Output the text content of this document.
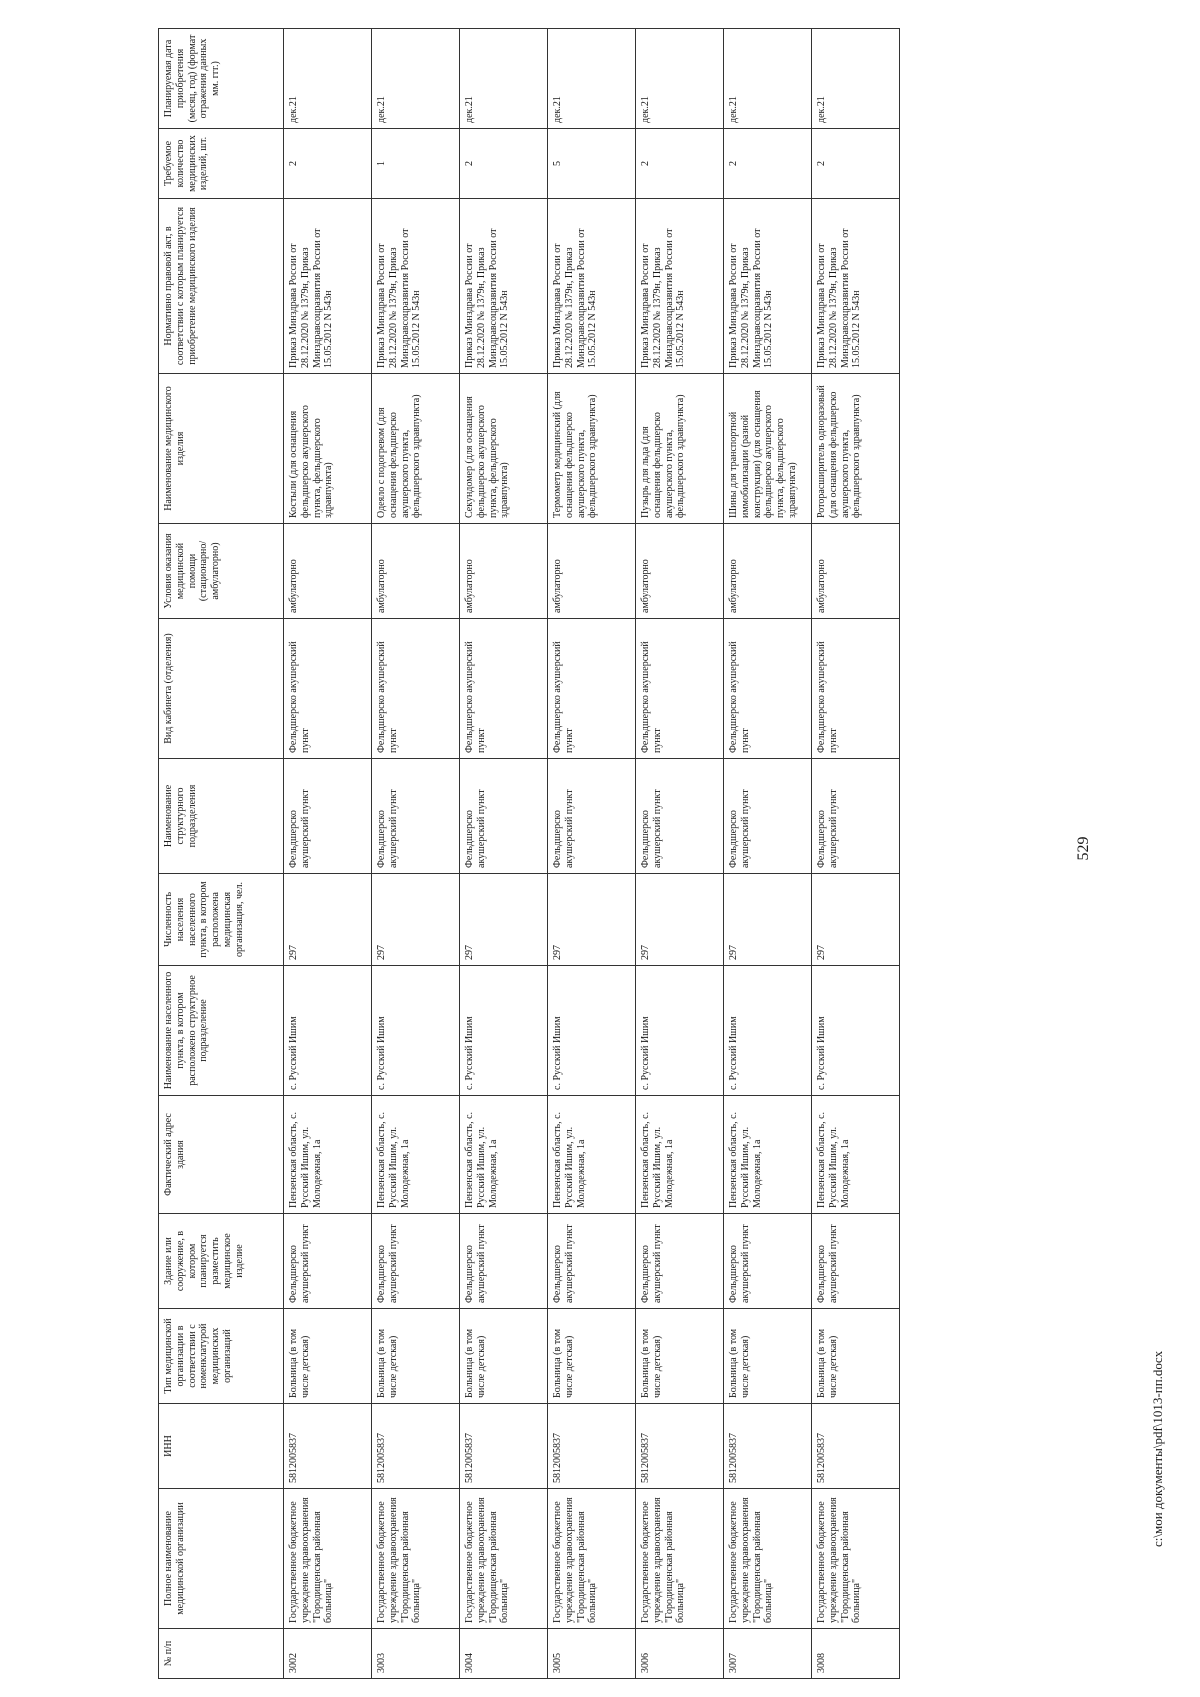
529
№ п/п	Полное наименование медицинской организации	ИНН	Тип медицинской организации в соответствии с номенклатурой медицинских организаций	Здание или сооружение, в котором планируется разместить медицинское изделие	Фактический адрес здания	Наименование населенного пункта, в котором расположено структурное подразделение	Численность населения населенного пункта, в котором расположена медицинская организация, чел.	Наименование структурного подразделения	Вид кабинета (отделения)	Условия оказания медицинской помощи (стационарно/ амбулаторно)	Наименование медицинского изделия	Нормативно правовой акт, в соответствии с которым планируется приобретение медицинского изделия	Требуемое количество медицинских изделий, шт.	Планируемая дата приобретения (месяц, год) (формат отражения данных мм. ггг.)
3002	Государственное бюджетное учреждение здравоохранения "Городищенская районная больница"	5812005837	Больница (в том числе детская)	Фельдшерско акушерский пункт	Пензенская область, с. Русский Ишим, ул. Молодежная, 1а	с. Русский Ишим	297	Фельдшерско акушерский пункт	Фельдшерско акушерский пункт	амбулаторно	Костыли (для оснащения фельдшерско акушерского пункта, фельдшерского здравпункта)	Приказ Минздрава России от 28.12.2020 № 1379н, Приказ Минздравсоцразвития России от 15.05.2012 N 543н	2	дек.21
3003	Государственное бюджетное учреждение здравоохранения "Городищенская районная больница"	5812005837	Больница (в том числе детская)	Фельдшерско акушерский пункт	Пензенская область, с. Русский Ишим, ул. Молодежная, 1а	с. Русский Ишим	297	Фельдшерско акушерский пункт	Фельдшерско акушерский пункт	амбулаторно	Одеяло с подогревом (для оснащения фельдшерско акушерского пункта, фельдшерского здравпункта)	Приказ Минздрава России от 28.12.2020 № 1379н, Приказ Минздравсоцразвития России от 15.05.2012 N 543н	1	дек.21
3004	Государственное бюджетное учреждение здравоохранения "Городищенская районная больница"	5812005837	Больница (в том числе детская)	Фельдшерско акушерский пункт	Пензенская область, с. Русский Ишим, ул. Молодежная, 1а	с. Русский Ишим	297	Фельдшерско акушерский пункт	Фельдшерско акушерский пункт	амбулаторно	Секундомер (для оснащения фельдшерско акушерского пункта, фельдшерского здравпункта)	Приказ Минздрава России от 28.12.2020 № 1379н, Приказ Минздравсоцразвития России от 15.05.2012 N 543н	2	дек.21
3005	Государственное бюджетное учреждение здравоохранения "Городищенская районная больница"	5812005837	Больница (в том числе детская)	Фельдшерско акушерский пункт	Пензенская область, с. Русский Ишим, ул. Молодежная, 1а	с. Русский Ишим	297	Фельдшерско акушерский пункт	Фельдшерско акушерский пункт	амбулаторно	Термометр медицинский (для оснащения фельдшерско акушерского пункта, фельдшерского здравпункта)	Приказ Минздрава России от 28.12.2020 № 1379н, Приказ Минздравсоцразвития России от 15.05.2012 N 543н	5	дек.21
3006	Государственное бюджетное учреждение здравоохранения "Городищенская районная больница"	5812005837	Больница (в том числе детская)	Фельдшерско акушерский пункт	Пензенская область, с. Русский Ишим, ул. Молодежная, 1а	с. Русский Ишим	297	Фельдшерско акушерский пункт	Фельдшерско акушерский пункт	амбулаторно	Пузырь для льда (для оснащения фельдшерско акушерского пункта, фельдшерского здравпункта)	Приказ Минздрава России от 28.12.2020 № 1379н, Приказ Минздравсоцразвития России от 15.05.2012 N 543н	2	дек.21
3007	Государственное бюджетное учреждение здравоохранения "Городищенская районная больница"	5812005837	Больница (в том числе детская)	Фельдшерско акушерский пункт	Пензенская область, с. Русский Ишим, ул. Молодежная, 1а	с. Русский Ишим	297	Фельдшерско акушерский пункт	Фельдшерско акушерский пункт	амбулаторно	Шины для транспортной иммобилизации (разной конструкции) (для оснащения фельдшерско акушерского пункта, фельдшерского здравпункта)	Приказ Минздрава России от 28.12.2020 № 1379н, Приказ Минздравсоцразвития России от 15.05.2012 N 543н	2	дек.21
3008	Государственное бюджетное учреждение здравоохранения "Городищенская районная больница"	5812005837	Больница (в том числе детская)	Фельдшерско акушерский пункт	Пензенская область, с. Русский Ишим, ул. Молодежная, 1а	с. Русский Ишим	297	Фельдшерско акушерский пункт	Фельдшерско акушерский пункт	амбулаторно	Роторасширитель одноразовый (для оснащения фельдшерско акушерского пункта, фельдшерского здравпункта)	Приказ Минздрава России от 28.12.2020 № 1379н, Приказ Минздравсоцразвития России от 15.05.2012 N 543н	2	дек.21
c:\мои документы\pdf\1013-пп.docx
